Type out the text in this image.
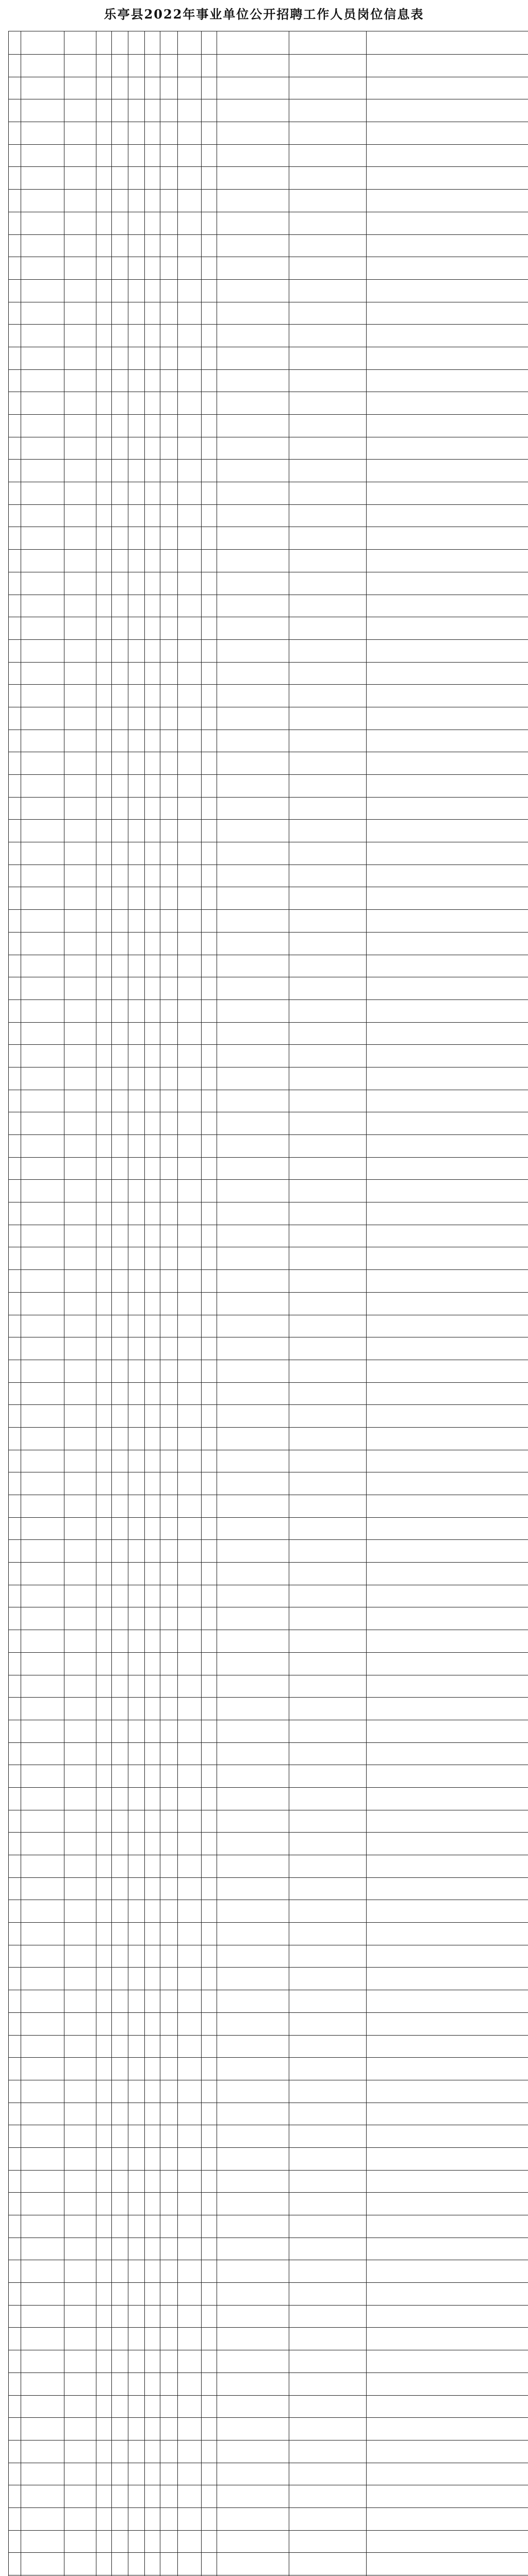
乐亭县2022年事业单位公开招聘工作人员岗位信息表
